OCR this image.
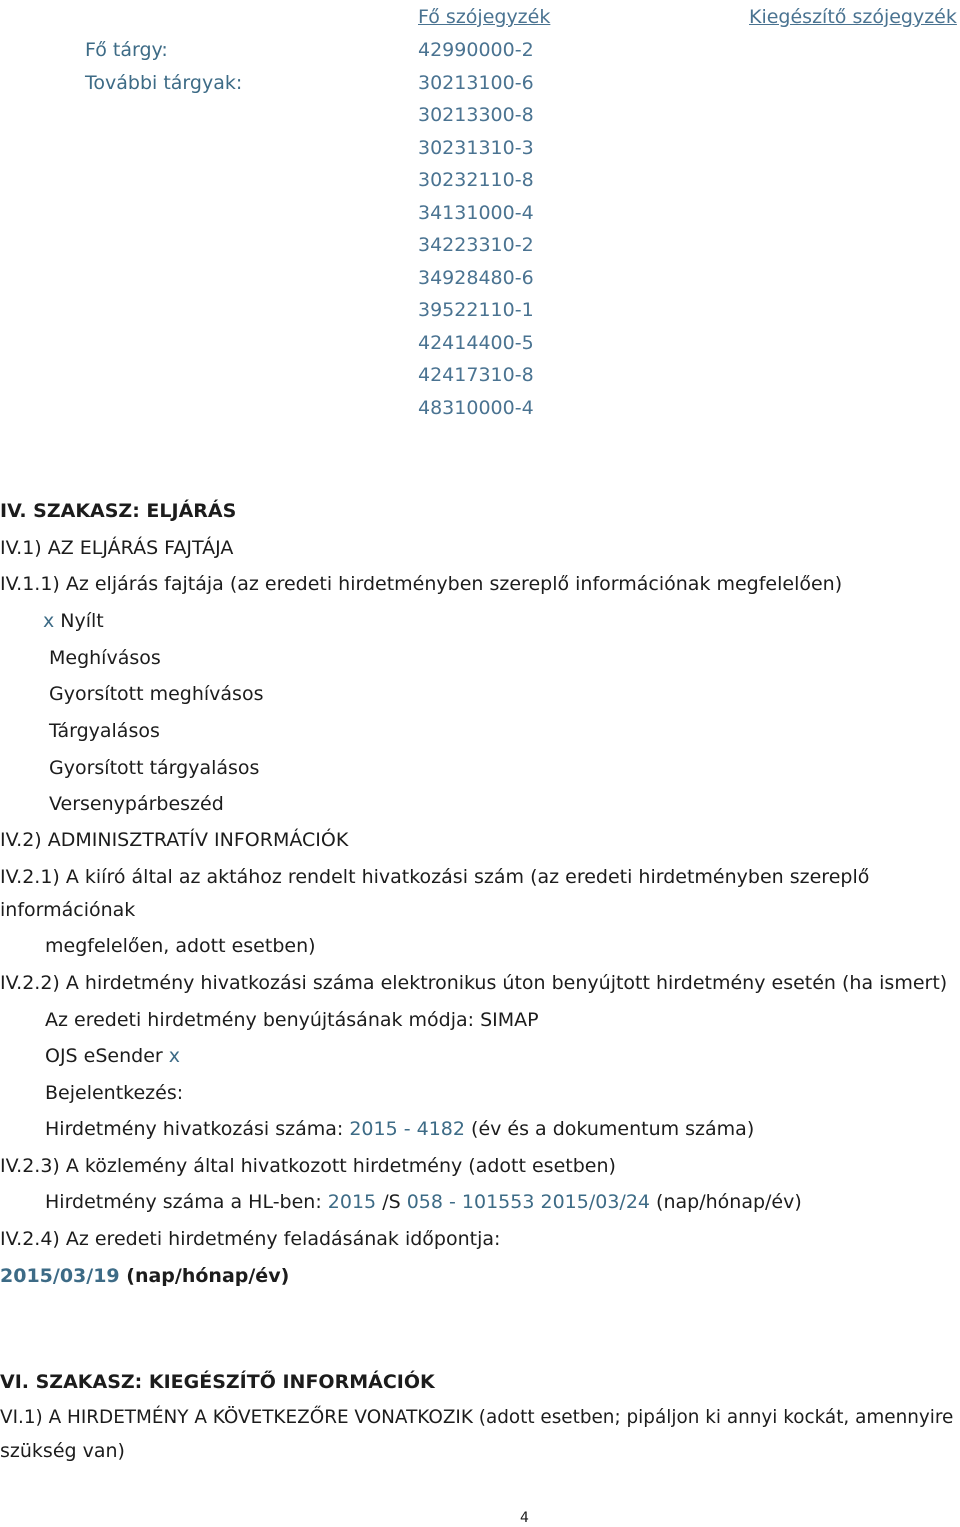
Fő szójegyzék	Kiegészítő szójegyzék
Fő tárgy:	42990000-2
További tárgyak:	30213100-6
30213300-8
30231310-3
30232110-8
34131000-4
34223310-2
34928480-6
39522110-1
42414400-5
42417310-8
48310000-4
IV. SZAKASZ: ELJÁRÁS
IV.1) AZ ELJÁRÁS FAJTÁJA
IV.1.1) Az eljárás fajtája (az eredeti hirdetményben szereplő információnak megfelelően)
x Nyílt
Meghívásos
Gyorsított meghívásos
Tárgyalásos
Gyorsított tárgyalásos
Versenypárbeszéd
IV.2) ADMINISZTRATÍV INFORMÁCIÓK
IV.2.1) A kiíró által az aktához rendelt hivatkozási szám (az eredeti hirdetményben szereplő
információnak
megfelelően, adott esetben)
IV.2.2) A hirdetmény hivatkozási száma elektronikus úton benyújtott hirdetmény esetén (ha ismert)
Az eredeti hirdetmény benyújtásának módja: SIMAP
OJS eSender x
Bejelentkezés:
Hirdetmény hivatkozási száma: 2015 - 4182 (év és a dokumentum száma)
IV.2.3) A közlemény által hivatkozott hirdetmény (adott esetben)
Hirdetmény száma a HL-ben: 2015 /S 058 - 101553 2015/03/24 (nap/hónap/év)
IV.2.4) Az eredeti hirdetmény feladásának időpontja:
2015/03/19 (nap/hónap/év)
VI. SZAKASZ: KIEGÉSZÍTŐ INFORMÁCIÓK
VI.1) A HIRDETMÉNY A KÖVETKEZŐRE VONATKOZIK (adott esetben; pipáljon ki annyi kockát, amennyire
szükség van)
4
